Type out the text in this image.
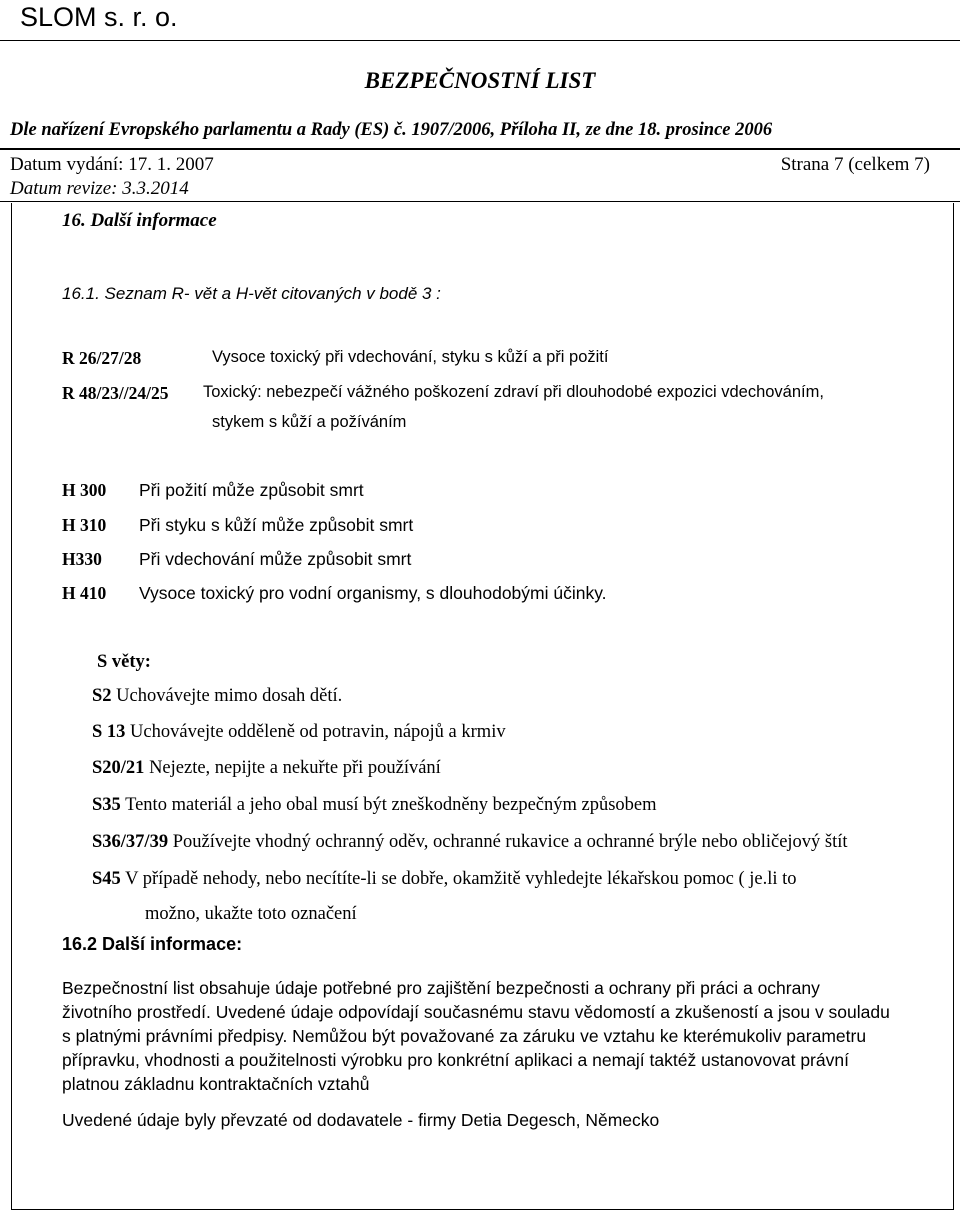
SLOM s. r. o.
BEZPEČNOSTNÍ LIST
Dle nařízení Evropského parlamentu a Rady (ES) č. 1907/2006, Příloha II, ze dne 18. prosince 2006
Datum vydání: 17. 1. 2007	Strana 7 (celkem 7)
Datum revize: 3.3.2014
16. Další informace
16.1. Seznam R- vět a H-vět citovaných v bodě 3 :
R 26/27/28	Vysoce toxický při vdechování, styku s kůží a při požití
R 48/23//24/25 Toxický: nebezpečí vážného poškození zdraví při dlouhodobé expozici vdechováním,
stykem s kůží a požíváním
H 300 Při požití může způsobit smrt
H 310 Při styku s kůží může způsobit smrt
H330 Při vdechování může způsobit smrt
H 410 Vysoce toxický pro vodní organismy, s dlouhodobými účinky.
S věty:
S2 Uchovávejte mimo dosah dětí.
S 13 Uchovávejte odděleně od potravin, nápojů a krmiv
S20/21 Nejezte, nepijte a nekuřte při používání
S35 Tento materiál a jeho obal musí být zneškodněny bezpečným způsobem
S36/37/39 Používejte vhodný ochranný oděv, ochranné rukavice a ochranné brýle nebo obličejový štít
S45 V případě nehody, nebo necítíte-li se dobře, okamžitě vyhledejte lékařskou pomoc ( je.li to
možno, ukažte toto označení
16.2 Další informace:

Bezpečnostní list obsahuje údaje potřebné pro zajištění bezpečnosti a ochrany při práci a ochrany

životního prostředí. Uvedené údaje odpovídají současnému stavu vědomostí a zkušeností a jsou v souladu

s platnými právními předpisy. Nemůžou být považované za záruku ve vztahu ke kterémukoliv parametru

přípravku, vhodnosti a použitelnosti výrobku pro konkrétní aplikaci a nemají taktéž ustanovovat právní

platnou základnu kontraktačních vztahů

Uvedené údaje byly převzaté od dodavatele - firmy Detia Degesch, Německo
